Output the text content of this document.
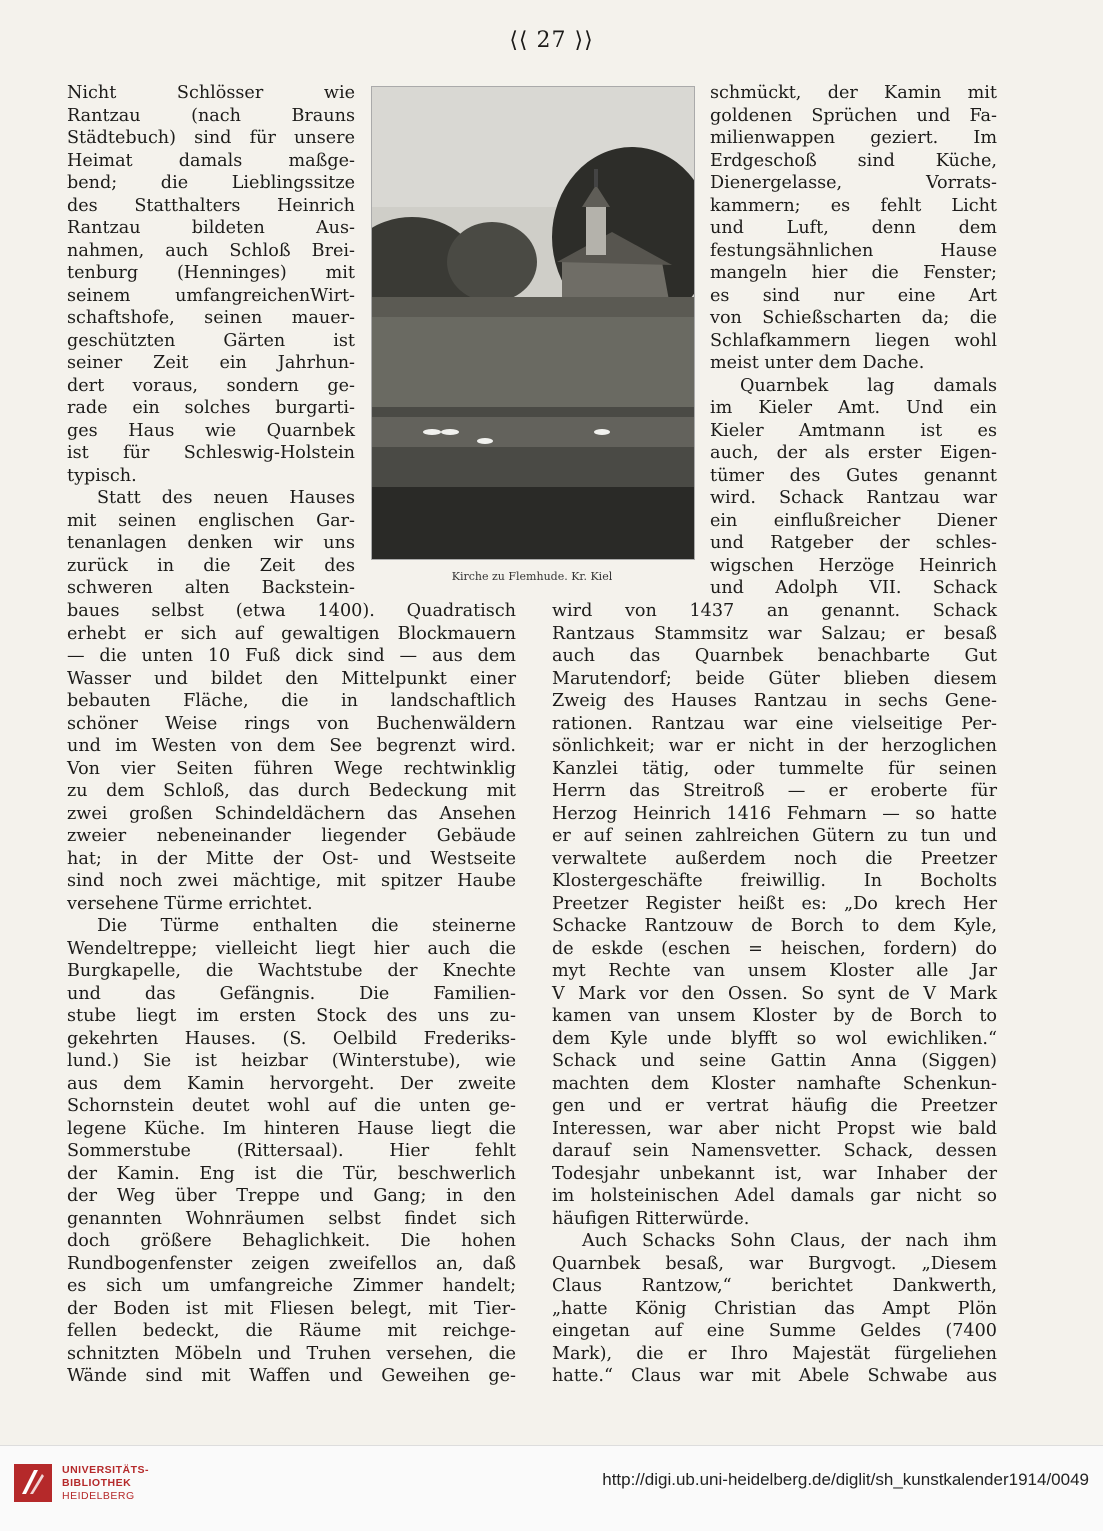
⟨⟨ 27 ⟩⟩

Nicht Schlösser wie

Rantzau (nach Brauns

Städtebuch) sind für unsere

Heimat damals maßge-

bend; die Lieblingssitze

des Statthalters Heinrich

Rantzau bildeten Aus-

nahmen, auch Schloß Brei-

tenburg (Henninges) mit

seinem umfangreichenWirt-

schaftshofe, seinen mauer-

geschützten Gärten ist

seiner Zeit ein Jahrhun-

dert voraus, sondern ge-

rade ein solches burgarti-

ges Haus wie Quarnbek

ist für Schleswig-Holstein

typisch.

Statt des neuen Hauses

mit seinen englischen Gar-

tenanlagen denken wir uns

zurück in die Zeit des

schweren alten Backstein-

schmückt, der Kamin mit

goldenen Sprüchen und Fa-

milienwappen geziert. Im

Erdgeschoß sind Küche,

Dienergelasse, Vorrats-

kammern; es fehlt Licht

und Luft, denn dem

festungsähnlichen Hause

mangeln hier die Fenster;

es sind nur eine Art

von Schießscharten da; die

Schlafkammern liegen wohl

meist unter dem Dache.

Quarnbek lag damals

im Kieler Amt. Und ein

Kieler Amtmann ist es

auch, der als erster Eigen-

tümer des Gutes genannt

wird. Schack Rantzau war

ein einflußreicher Diener

und Ratgeber der schles-

wigschen Herzöge Heinrich

und Adolph VII. Schack

Kirche zu Flemhude. Kr. Kiel

baues selbst (etwa 1400). Quadratisch

erhebt er sich auf gewaltigen Blockmauern

— die unten 10 Fuß dick sind — aus dem

Wasser und bildet den Mittelpunkt einer

bebauten Fläche, die in landschaftlich

schöner Weise rings von Buchenwäldern

und im Westen von dem See begrenzt wird.

Von vier Seiten führen Wege rechtwinklig

zu dem Schloß, das durch Bedeckung mit

zwei großen Schindeldächern das Ansehen

zweier nebeneinander liegender Gebäude

hat; in der Mitte der Ost- und Westseite

sind noch zwei mächtige, mit spitzer Haube

versehene Türme errichtet.

Die Türme enthalten die steinerne

Wendeltreppe; vielleicht liegt hier auch die

Burgkapelle, die Wachtstube der Knechte

und das Gefängnis. Die Familien-

stube liegt im ersten Stock des uns zu-

gekehrten Hauses. (S. Oelbild Frederiks-

lund.) Sie ist heizbar (Winterstube), wie

aus dem Kamin hervorgeht. Der zweite

Schornstein deutet wohl auf die unten ge-

legene Küche. Im hinteren Hause liegt die

Sommerstube (Rittersaal). Hier fehlt

der Kamin. Eng ist die Tür, beschwerlich

der Weg über Treppe und Gang; in den

genannten Wohnräumen selbst findet sich

doch größere Behaglichkeit. Die hohen

Rundbogenfenster zeigen zweifellos an, daß

es sich um umfangreiche Zimmer handelt;

der Boden ist mit Fliesen belegt, mit Tier-

fellen bedeckt, die Räume mit reichge-

schnitzten Möbeln und Truhen versehen, die

Wände sind mit Waffen und Geweihen ge-

wird von 1437 an genannt. Schack

Rantzaus Stammsitz war Salzau; er besaß

auch das Quarnbek benachbarte Gut

Marutendorf; beide Güter blieben diesem

Zweig des Hauses Rantzau in sechs Gene-

rationen. Rantzau war eine vielseitige Per-

sönlichkeit; war er nicht in der herzoglichen

Kanzlei tätig, oder tummelte für seinen

Herrn das Streitroß — er eroberte für

Herzog Heinrich 1416 Fehmarn — so hatte

er auf seinen zahlreichen Gütern zu tun und

verwaltete außerdem noch die Preetzer

Klostergeschäfte freiwillig. In Bocholts

Preetzer Register heißt es: „Do krech Her

Schacke Rantzouw de Borch to dem Kyle,

de eskde (eschen = heischen, fordern) do

myt Rechte van unsem Kloster alle Jar

V Mark vor den Ossen. So synt de V Mark

kamen van unsem Kloster by de Borch to

dem Kyle unde blyfft so wol ewichliken.“

Schack und seine Gattin Anna (Siggen)

machten dem Kloster namhafte Schenkun-

gen und er vertrat häufig die Preetzer

Interessen, war aber nicht Propst wie bald

darauf sein Namensvetter. Schack, dessen

Todesjahr unbekannt ist, war Inhaber der

im holsteinischen Adel damals gar nicht so

häufigen Ritterwürde.

Auch Schacks Sohn Claus, der nach ihm

Quarnbek besaß, war Burgvogt. „Diesem

Claus Rantzow,“ berichtet Dankwerth,

„hatte König Christian das Ampt Plön

eingetan auf eine Summe Geldes (7400

Mark), die er Ihro Majestät fürgeliehen

hatte.“ Claus war mit Abele Schwabe aus

UNIVERSITÄTS-
BIBLIOTHEK
HEIDELBERG
http://digi.ub.uni-heidelberg.de/diglit/sh_kunstkalender1914/0049
